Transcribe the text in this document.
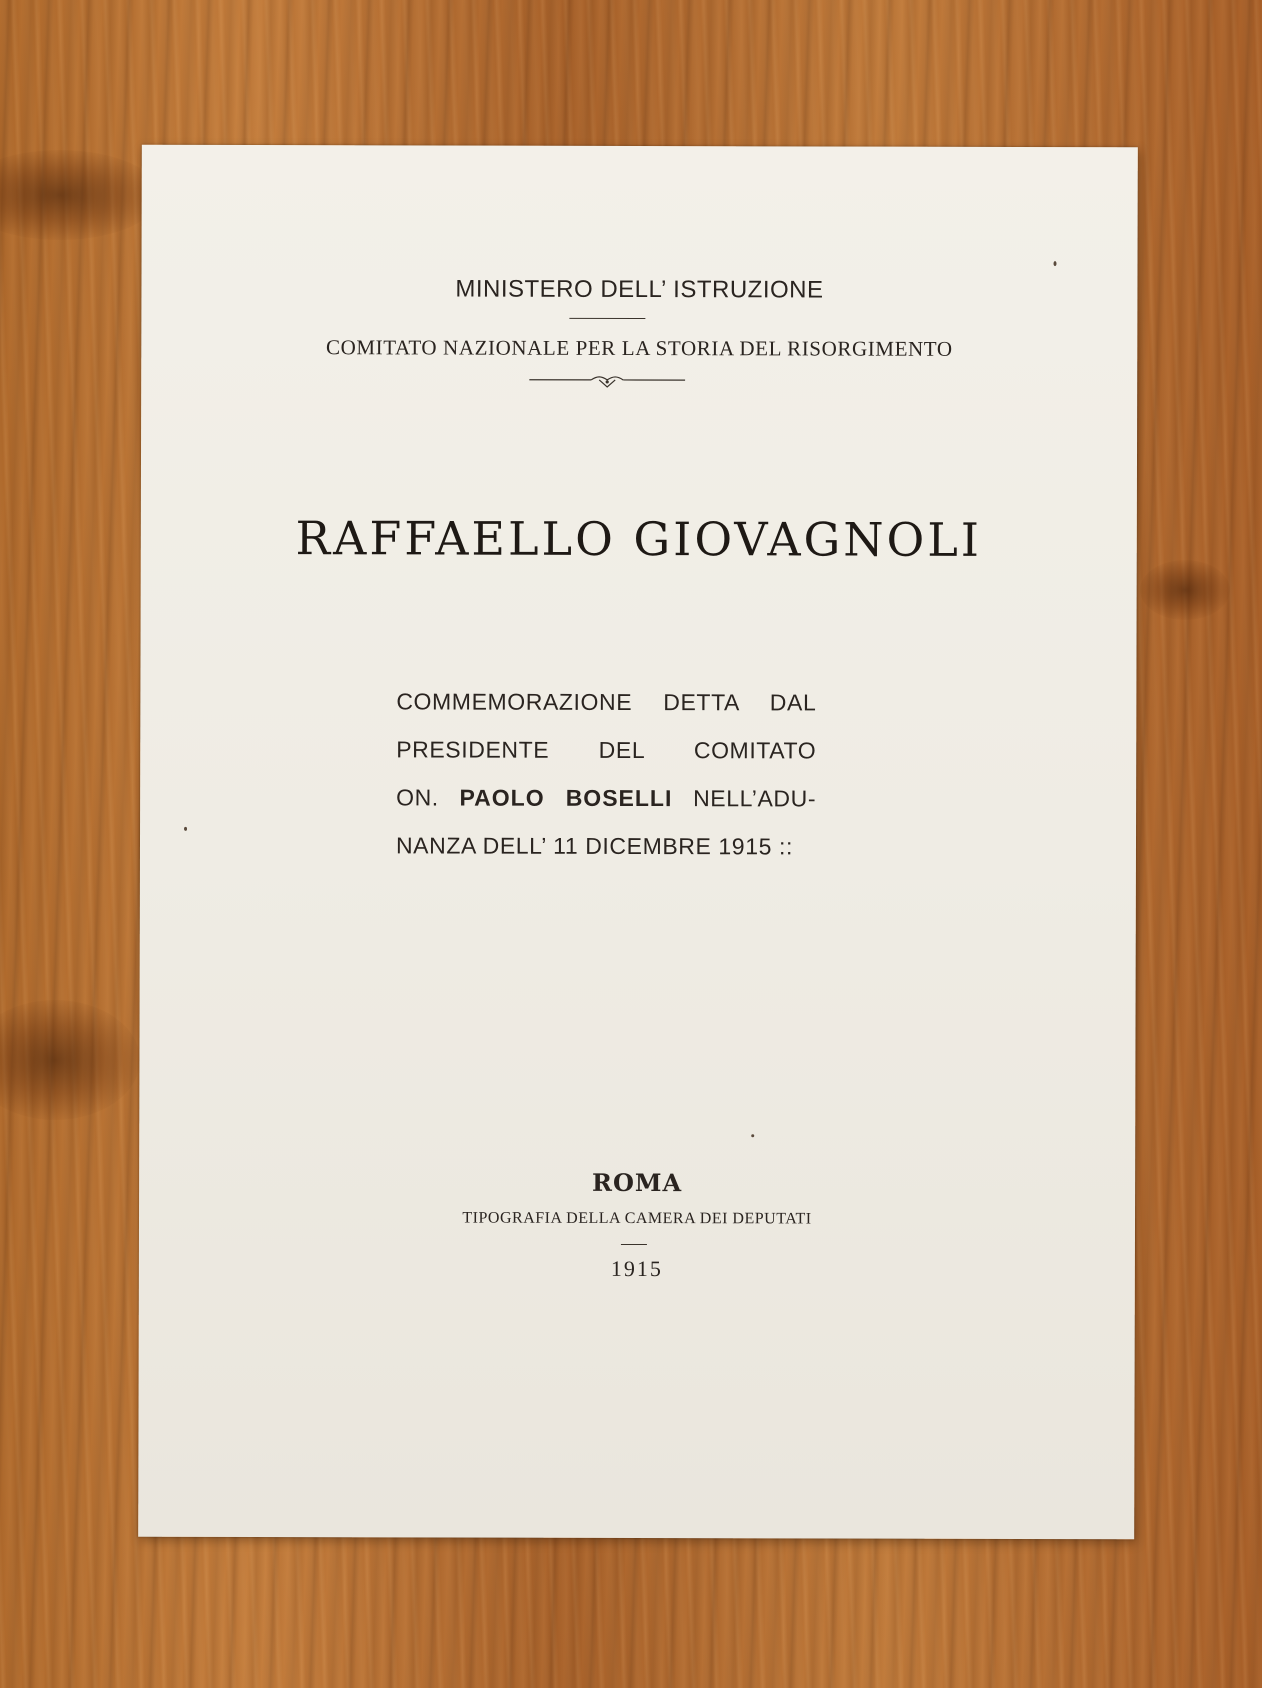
MINISTERO DELL’ ISTRUZIONE
COMITATO NAZIONALE PER LA STORIA DEL RISORGIMENTO
RAFFAELLO GIOVAGNOLI
COMMEMORAZIONE DETTA DAL
PRESIDENTE DEL COMITATO
ON. PAOLO BOSELLI NELL’ADU-
NANZA DELL’ 11 DICEMBRE 1915 ::
ROMA
TIPOGRAFIA DELLA CAMERA DEI DEPUTATI
1915
